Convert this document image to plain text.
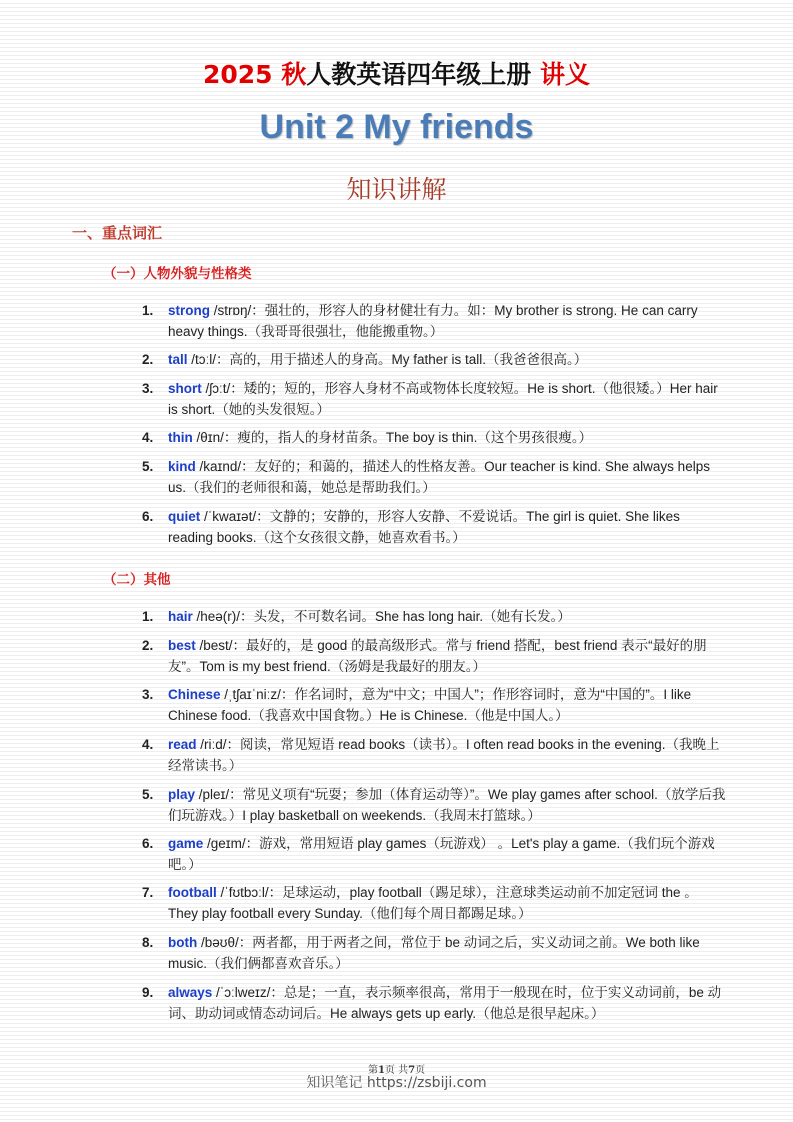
2025 秋人教英语四年级上册 讲义
Unit 2 My friends
知识讲解
一、重点词汇
（一）人物外貌与性格类
1.	strong /strɒŋ/：强壮的，形容人的身材健壮有力。如：My brother is strong. He can carry heavy things.（我哥哥很强壮，他能搬重物。）
2.	tall /tɔːl/：高的，用于描述人的身高。My father is tall.（我爸爸很高。）
3.	short /ʃɔːt/：矮的；短的，形容人身材不高或物体长度较短。He is short.（他很矮。）Her hair is short.（她的头发很短。）
4.	thin /θɪn/：瘦的，指人的身材苗条。The boy is thin.（这个男孩很瘦。）
5.	kind /kaɪnd/：友好的；和蔼的，描述人的性格友善。Our teacher is kind. She always helps us.（我们的老师很和蔼，她总是帮助我们。）
6.	quiet /ˈkwaɪət/：文静的；安静的，形容人安静、不爱说话。The girl is quiet. She likes reading books.（这个女孩很文静，她喜欢看书。）
（二）其他
1.	hair /heə(r)/：头发，不可数名词。She has long hair.（她有长发。）
2.	best /best/：最好的，是 good 的最高级形式。常与 friend 搭配，best friend 表示“最好的朋友”。Tom is my best friend.（汤姆是我最好的朋友。）
3.	Chinese /ˌtʃaɪˈniːz/：作名词时，意为“中文；中国人”；作形容词时，意为“中国的”。I like Chinese food.（我喜欢中国食物。）He is Chinese.（他是中国人。）
4.	read /riːd/：阅读，常见短语 read books（读书）。I often read books in the evening.（我晚上经常读书。）
5.	play /pleɪ/：常见义项有“玩耍；参加（体育运动等）”。We play games after school.（放学后我们玩游戏。）I play basketball on weekends.（我周末打篮球。）
6.	game /ɡeɪm/：游戏，常用短语 play games（玩游戏） 。Let's play a game.（我们玩个游戏吧。）
7.	football /ˈfʊtbɔːl/：足球运动，play football（踢足球），注意球类运动前不加定冠词 the 。They play football every Sunday.（他们每个周日都踢足球。）
8.	both /bəʊθ/：两者都，用于两者之间，常位于 be 动词之后，实义动词之前。We both like music.（我们俩都喜欢音乐。）
9.	always /ˈɔːlweɪz/：总是；一直，表示频率很高，常用于一般现在时，位于实义动词前，be 动词、助动词或情态动词后。He always gets up early.（他总是很早起床。）
第1页 共7页
知识笔记 https://zsbiji.com
